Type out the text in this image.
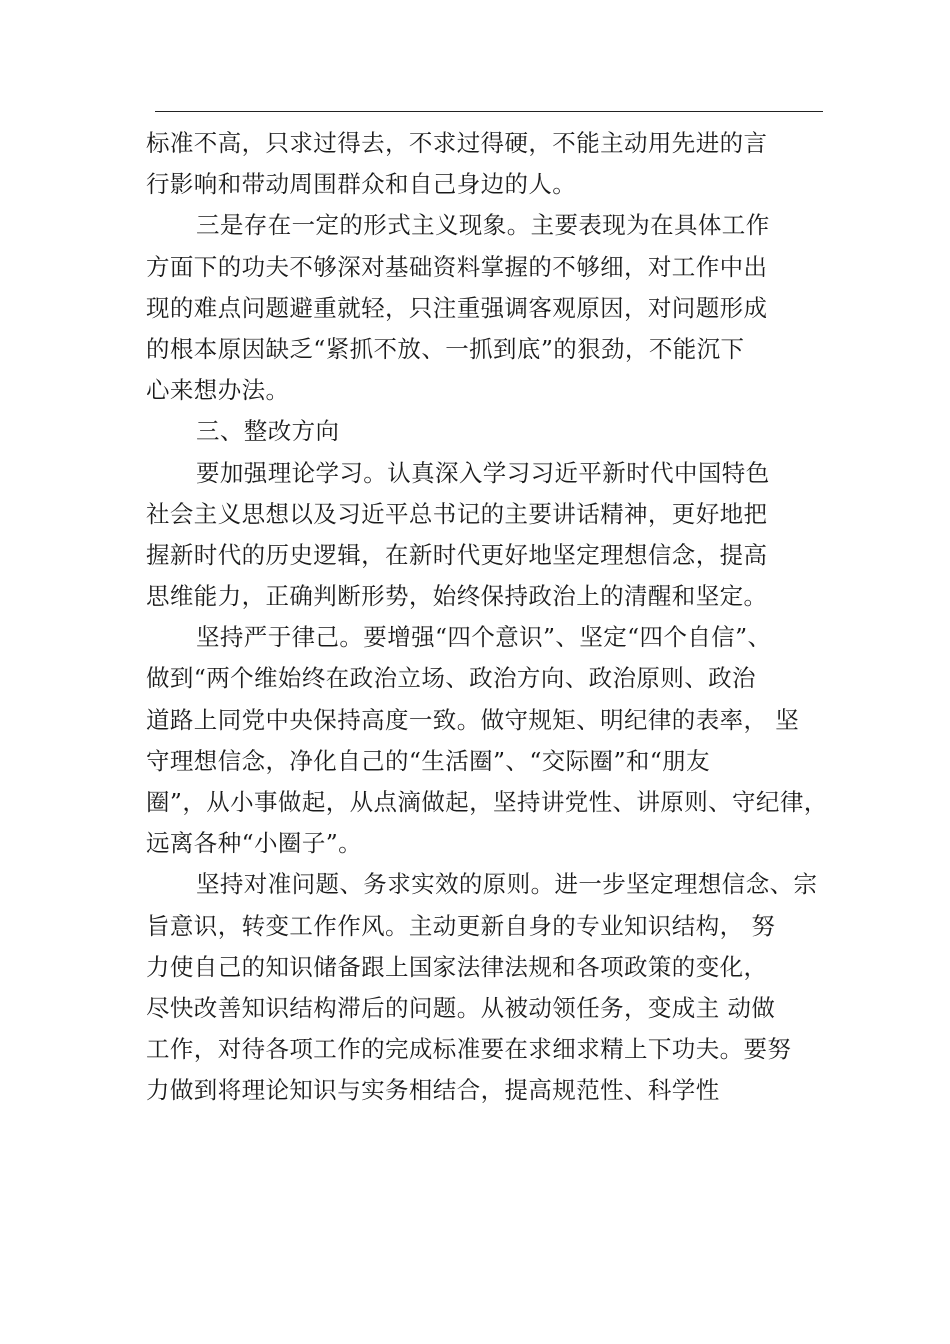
标准不高，只求过得去，不求过得硬，不能主动用先进的言
行影响和带动周围群众和自己身边的人。
三是存在一定的形式主义现象。主要表现为在具体工作
方面下的功夫不够深对基础资料掌握的不够细，对工作中出
现的难点问题避重就轻，只注重强调客观原因，对问题形成
的根本原因缺乏“紧抓不放、一抓到底”的狠劲，不能沉下
心来想办法。
三、整改方向
要加强理论学习。认真深入学习习近平新时代中国特色
社会主义思想以及习近平总书记的主要讲话精神，更好地把
握新时代的历史逻辑，在新时代更好地坚定理想信念，提高
思维能力，正确判断形势，始终保持政治上的清醒和坚定。
坚持严于律己。要增强“四个意识”、坚定“四个自信”、
做到“两个维始终在政治立场、政治方向、政治原则、政治
道路上同党中央保持高度一致。做守规矩、明纪律的表率， 坚
守理想信念，净化自己的“生活圈”、“交际圈”和“朋友
圈”，从小事做起，从点滴做起，坚持讲党性、讲原则、守纪律，
远离各种“小圈子”。
坚持对准问题、务求实效的原则。进一步坚定理想信念、宗
旨意识，转变工作作风。主动更新自身的专业知识结构， 努
力使自己的知识储备跟上国家法律法规和各项政策的变化，
尽快改善知识结构滞后的问题。从被动领任务，变成主 动做
工作，对待各项工作的完成标准要在求细求精上下功夫。要努
力做到将理论知识与实务相结合，提高规范性、科学性
